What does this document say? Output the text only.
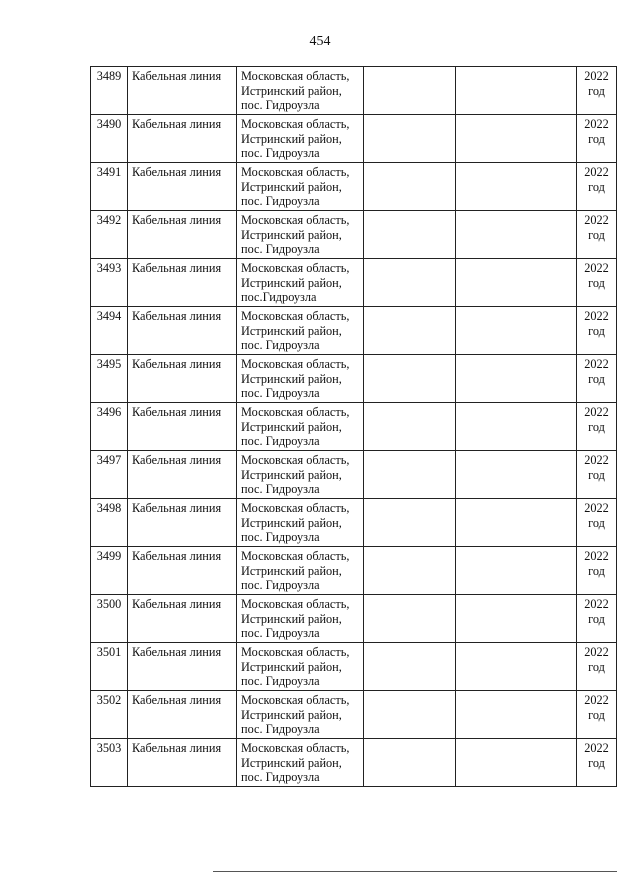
454
3489	Кабельная линия	Московская область,
Истринский район,
пос. Гидроузла			2022
год

3490	Кабельная линия	Московская область,
Истринский район,
пос. Гидроузла			2022
год

3491	Кабельная линия	Московская область,
Истринский район,
пос. Гидроузла			2022
год

3492	Кабельная линия	Московская область,
Истринский район,
пос. Гидроузла			2022
год

3493	Кабельная линия	Московская область,
Истринский район,
пос.Гидроузла			2022
год

3494	Кабельная линия	Московская область,
Истринский район,
пос. Гидроузла			2022
год

3495	Кабельная линия	Московская область,
Истринский район,
пос. Гидроузла			2022
год

3496	Кабельная линия	Московская область,
Истринский район,
пос. Гидроузла			2022
год

3497	Кабельная линия	Московская область,
Истринский район,
пос. Гидроузла			2022
год

3498	Кабельная линия	Московская область,
Истринский район,
пос. Гидроузла			2022
год

3499	Кабельная линия	Московская область,
Истринский район,
пос. Гидроузла			2022
год

3500	Кабельная линия	Московская область,
Истринский район,
пос. Гидроузла			2022
год

3501	Кабельная линия	Московская область,
Истринский район,
пос. Гидроузла			2022
год

3502	Кабельная линия	Московская область,
Истринский район,
пос. Гидроузла			2022
год

3503	Кабельная линия	Московская область,
Истринский район,
пос. Гидроузла			2022
год
